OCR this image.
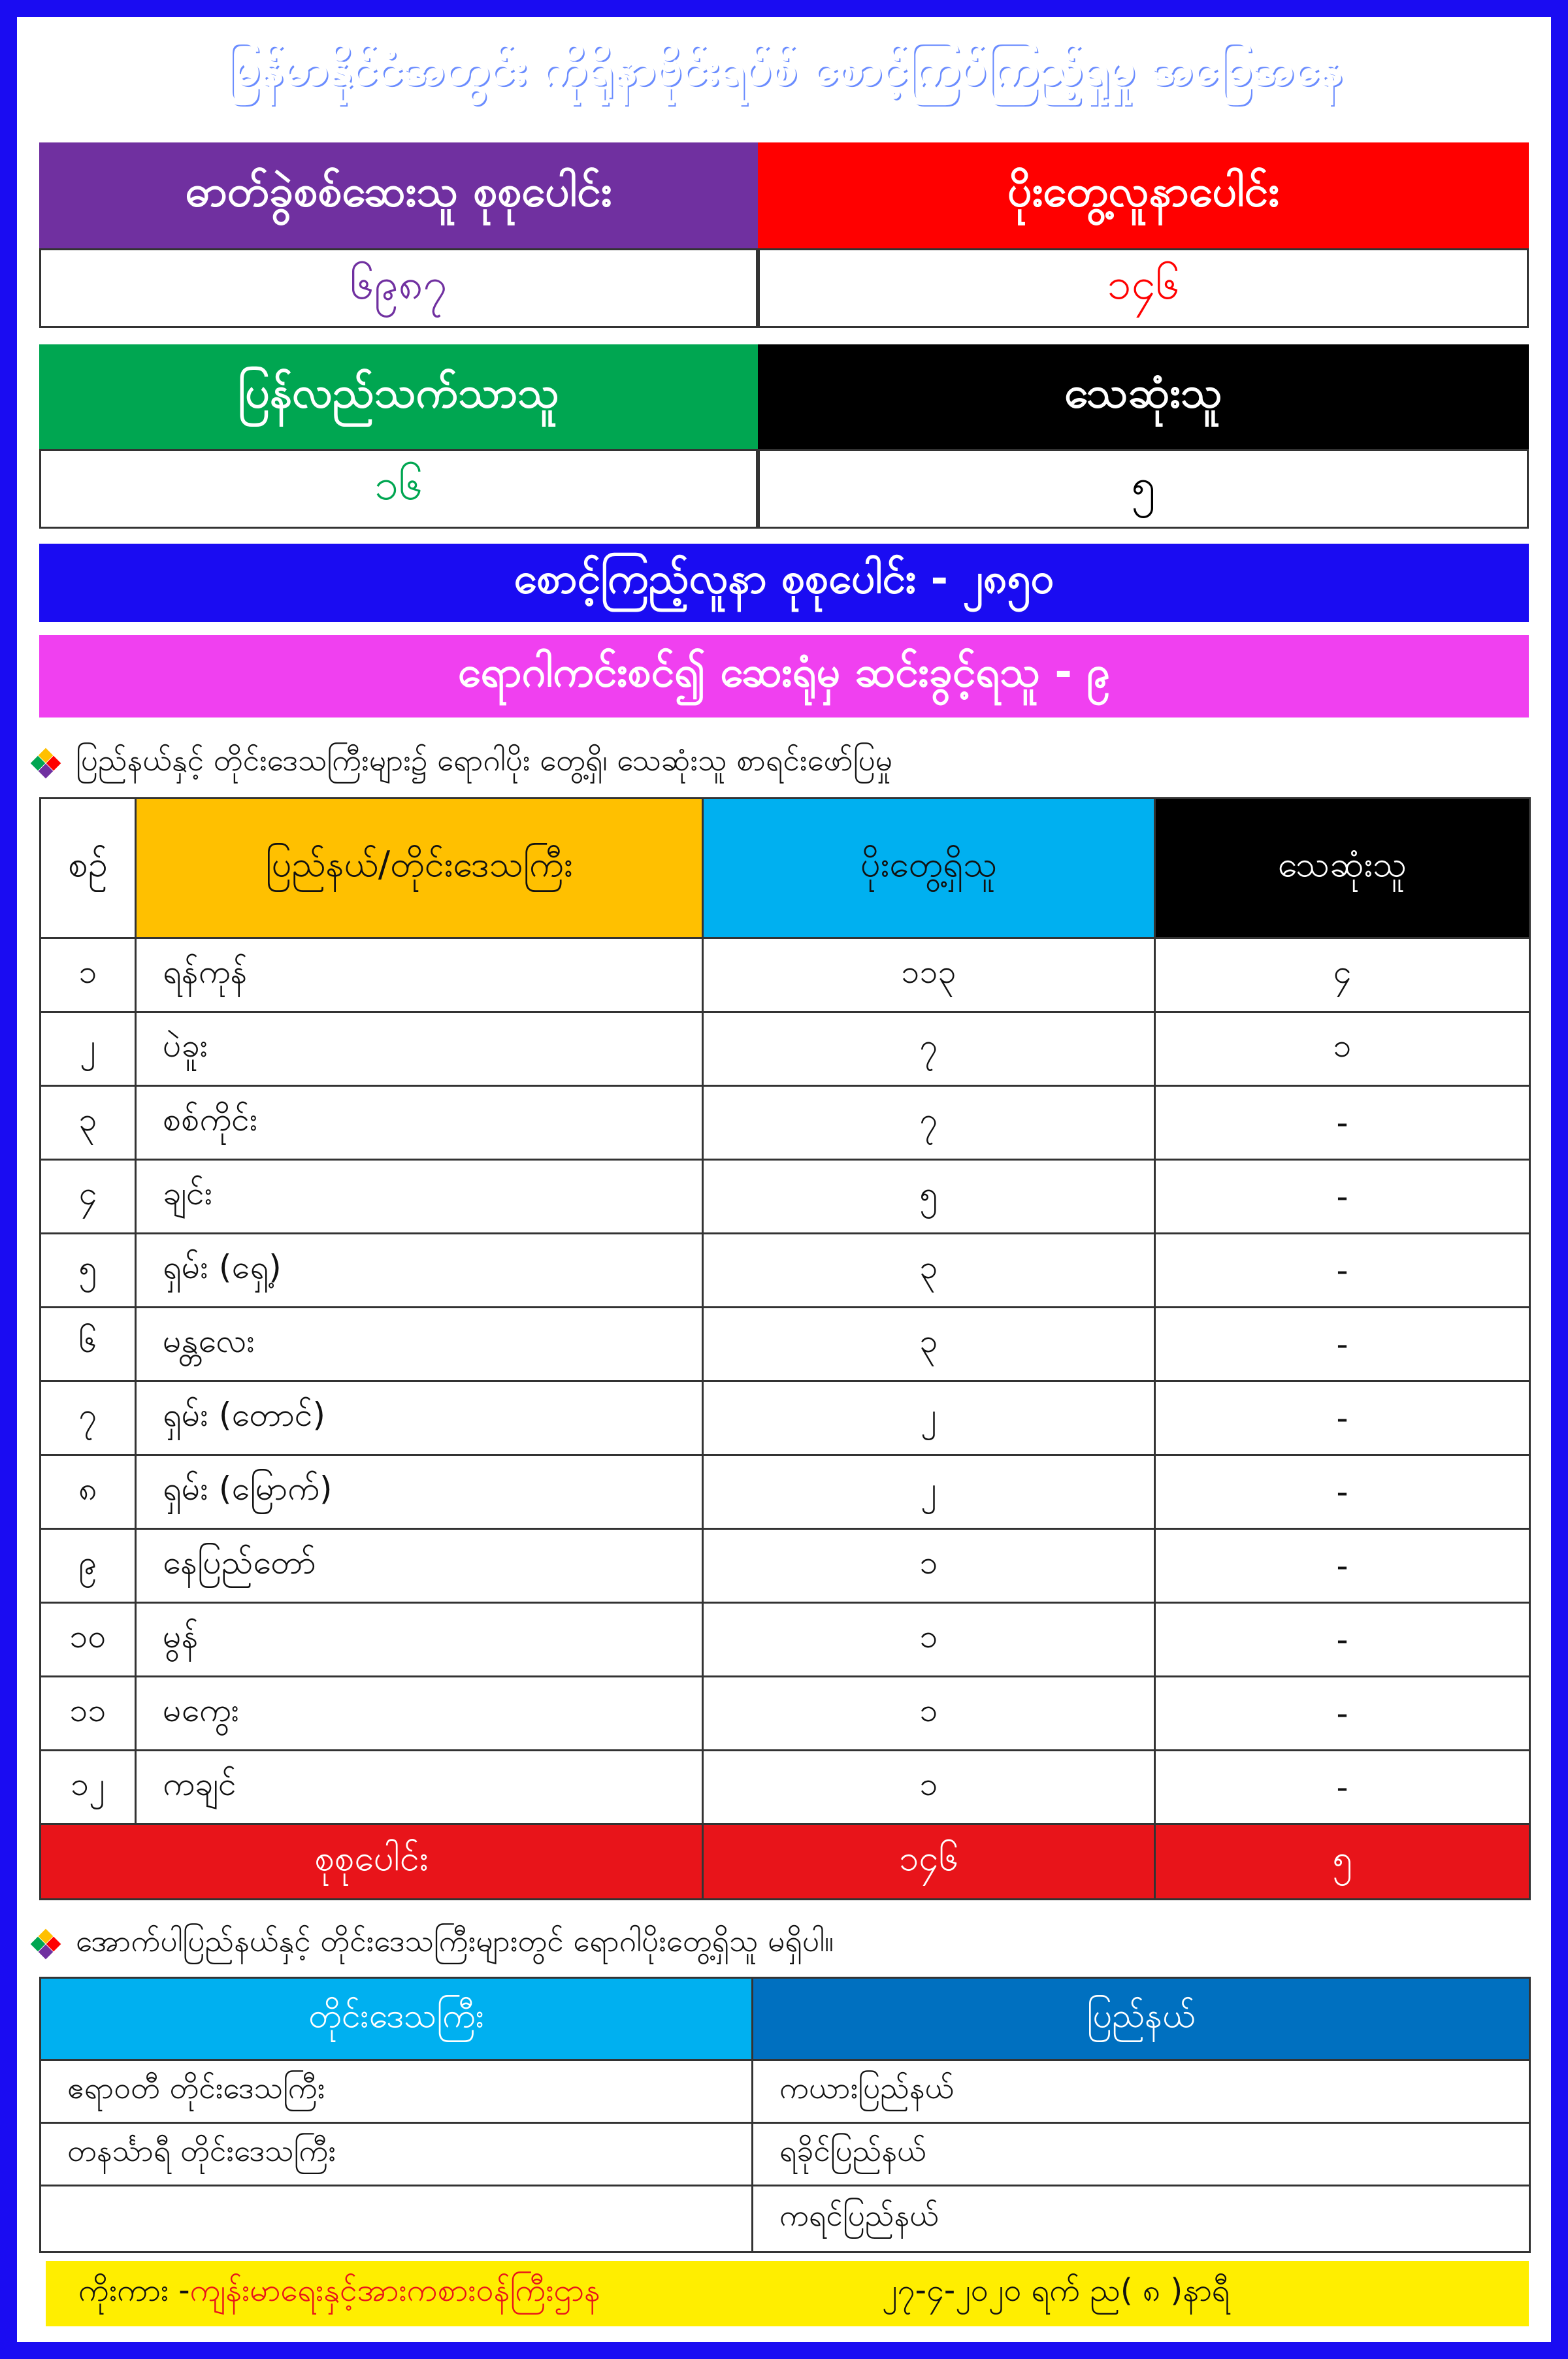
မြန်မာနိုင်ငံအတွင်း ကိုရိုနာဗိုင်းရပ်စ် စောင့်ကြပ်ကြည့်ရှုမှု အခြေအနေ
ဓာတ်ခွဲစစ်ဆေးသူ စုစုပေါင်း	ပိုးတွေ့လူနာပေါင်း
၆၉၈၇	၁၄၆
ပြန်လည်သက်သာသူ	သေဆုံးသူ
၁၆	၅
စောင့်ကြည့်လူနာ စုစုပေါင်း - ၂၈၅၀
ရောဂါကင်းစင်၍ ဆေးရုံမှ ဆင်းခွင့်ရသူ - ၉
ပြည်နယ်နှင့် တိုင်းဒေသကြီးများ၌ ရောဂါပိုး တွေ့ရှိ၊ သေဆုံးသူ စာရင်းဖော်ပြမှု
စဉ်	ပြည်နယ်/တိုင်းဒေသကြီး	ပိုးတွေ့ရှိသူ	သေဆုံးသူ
၁	ရန်ကုန်	၁၁၃	၄
၂	ပဲခူး	၇	၁
၃	စစ်ကိုင်း	၇	-
၄	ချင်း	၅	-
၅	ရှမ်း (ရှေ့)	၃	-
၆	မန္တလေး	၃	-
၇	ရှမ်း (တောင်)	၂	-
၈	ရှမ်း (မြောက်)	၂	-
၉	နေပြည်တော်	၁	-
၁၀	မွန်	၁	-
၁၁	မကွေး	၁	-
၁၂	ကချင်	၁	-
စုစုပေါင်း		၁၄၆	၅
အောက်ပါပြည်နယ်နှင့် တိုင်းဒေသကြီးများတွင် ရောဂါပိုးတွေ့ရှိသူ မရှိပါ။
တိုင်းဒေသကြီး	ပြည်နယ်
ဧရာဝတီ တိုင်းဒေသကြီး	ကယားပြည်နယ်
တနင်္သာရီ တိုင်းဒေသကြီး	ရခိုင်ပြည်နယ်
	ကရင်ပြည်နယ်
ကိုးကား - ကျန်းမာရေးနှင့်အားကစားဝန်ကြီးဌာန	၂၇-၄-၂၀၂၀ ရက် ည( ၈ )နာရီ
